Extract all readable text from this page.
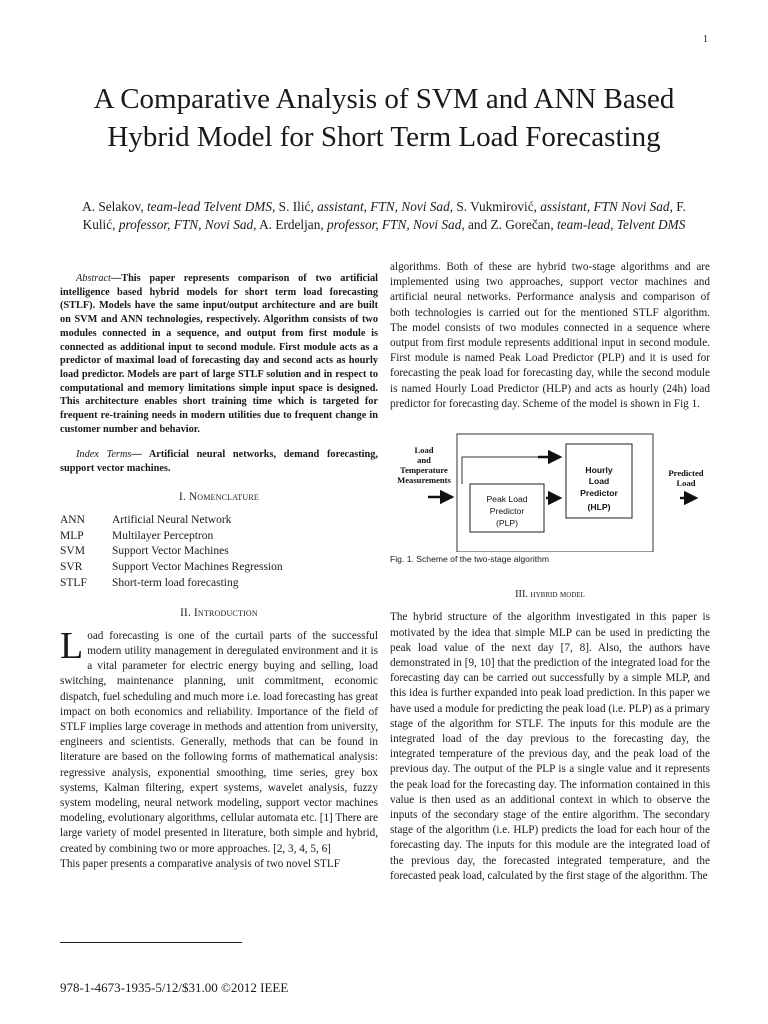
1
A Comparative Analysis of SVM and ANN Based Hybrid Model for Short Term Load Forecasting
A. Selakov, team-lead Telvent DMS, S. Ilić, assistant, FTN, Novi Sad, S. Vukmirović, assistant, FTN Novi Sad, F. Kulić, professor, FTN, Novi Sad, A. Erdeljan, professor, FTN, Novi Sad, and Z. Gorečan, team-lead, Telvent DMS

Abstract—This paper represents comparison of two artificial intelligence based hybrid models for short term load forecasting (STLF). Models have the same input/output architecture and are built on SVM and ANN technologies, respectively. Algorithm consists of two modules connected in a sequence, and output from first module is connected as additional input to second module. First module acts as a predictor of maximal load of forecasting day and second acts as hourly load predictor. Models are part of large STLF solution and in respect to computational and memory limitations simple input space is designed. This architecture enables short training time which is targeted for frequent re-training needs in modern utilities due to frequent change in customer number and behavior.

Index Terms— Artificial neural networks, demand forecasting, support vector machines.

I. Nomenclature
ANN	Artificial Neural Network
MLP	Multilayer Perceptron
SVM	Support Vector Machines
SVR	Support Vector Machines Regression
STLF	Short-term load forecasting
II. Introduction

Load forecasting is one of the curtail parts of the successful modern utility management in deregulated environment and it is a vital parameter for electric energy buying and selling, load switching, maintenance planning, unit commitment, economic dispatch, fuel scheduling and much more i.e. load forecasting has great impact on both economics and reliability. Importance of the field of STLF implies large coverage in methods and attention from university, engineers and scientists. Generally, methods that can be found in literature are based on the following forms of mathematical analysis: regressive analysis, exponential smoothing, time series, grey box systems, Kalman filtering, expert systems, wavelet analysis, fuzzy system modeling, neural network modeling, support vector machines modeling, evolutionary algorithms, cellular automata etc. [1] There are large variety of model presented in literature, both simple and hybrid, created by combining two or more approaches. [2, 3, 4, 5, 6]

This paper presents a comparative analysis of two novel STLF

algorithms. Both of these are hybrid two-stage algorithms and are implemented using two approaches, support vector machines and artificial neural networks. Performance analysis and comparison of both technologies is carried out for the mentioned STLF algorithm. The model consists of two modules connected in a sequence where output from first module represents additional input in second module. First module is named Peak Load Predictor (PLP) and it is used for forecasting the peak load for forecasting day, while the second module is named Hourly Load Predictor (HLP) and acts as hourly (24h) load predictor for forecasting day. Scheme of the model is shown in Fig 1.

Load
and
Temperature
Measurements
Peak Load
Predictor
(PLP)
Hourly
Load
Predictor
(HLP)
Predicted
Load
Fig. 1. Scheme of the two-stage algorithm
III. hybrid model

The hybrid structure of the algorithm investigated in this paper is motivated by the idea that simple MLP can be used in predicting the peak load value of the next day [7, 8]. Also, the authors have demonstrated in [9, 10] that the prediction of the integrated load for the forecasting day can be carried out successfully by a simple MLP, and this idea is further expanded into peak load prediction. In this paper we have used a module for predicting the peak load (i.e. PLP) as a primary stage of the algorithm for STLF. The inputs for this module are the integrated load of the day previous to the forecasting day, the integrated temperature of the previous day, and the peak load of the previous day. The output of the PLP is a single value and it represents the peak load for the forecasting day. The information contained in this value is then used as an additional context in which to observe the inputs of the secondary stage of the entire algorithm. The secondary stage of the algorithm (i.e. HLP) predicts the load for each hour of the forecasting day. The inputs for this module are the integrated load of the previous day, the forecasted integrated temperature, and the forecasted peak load, calculated by the first stage of the algorithm. The

978-1-4673-1935-5/12/$31.00 ©2012 IEEE
